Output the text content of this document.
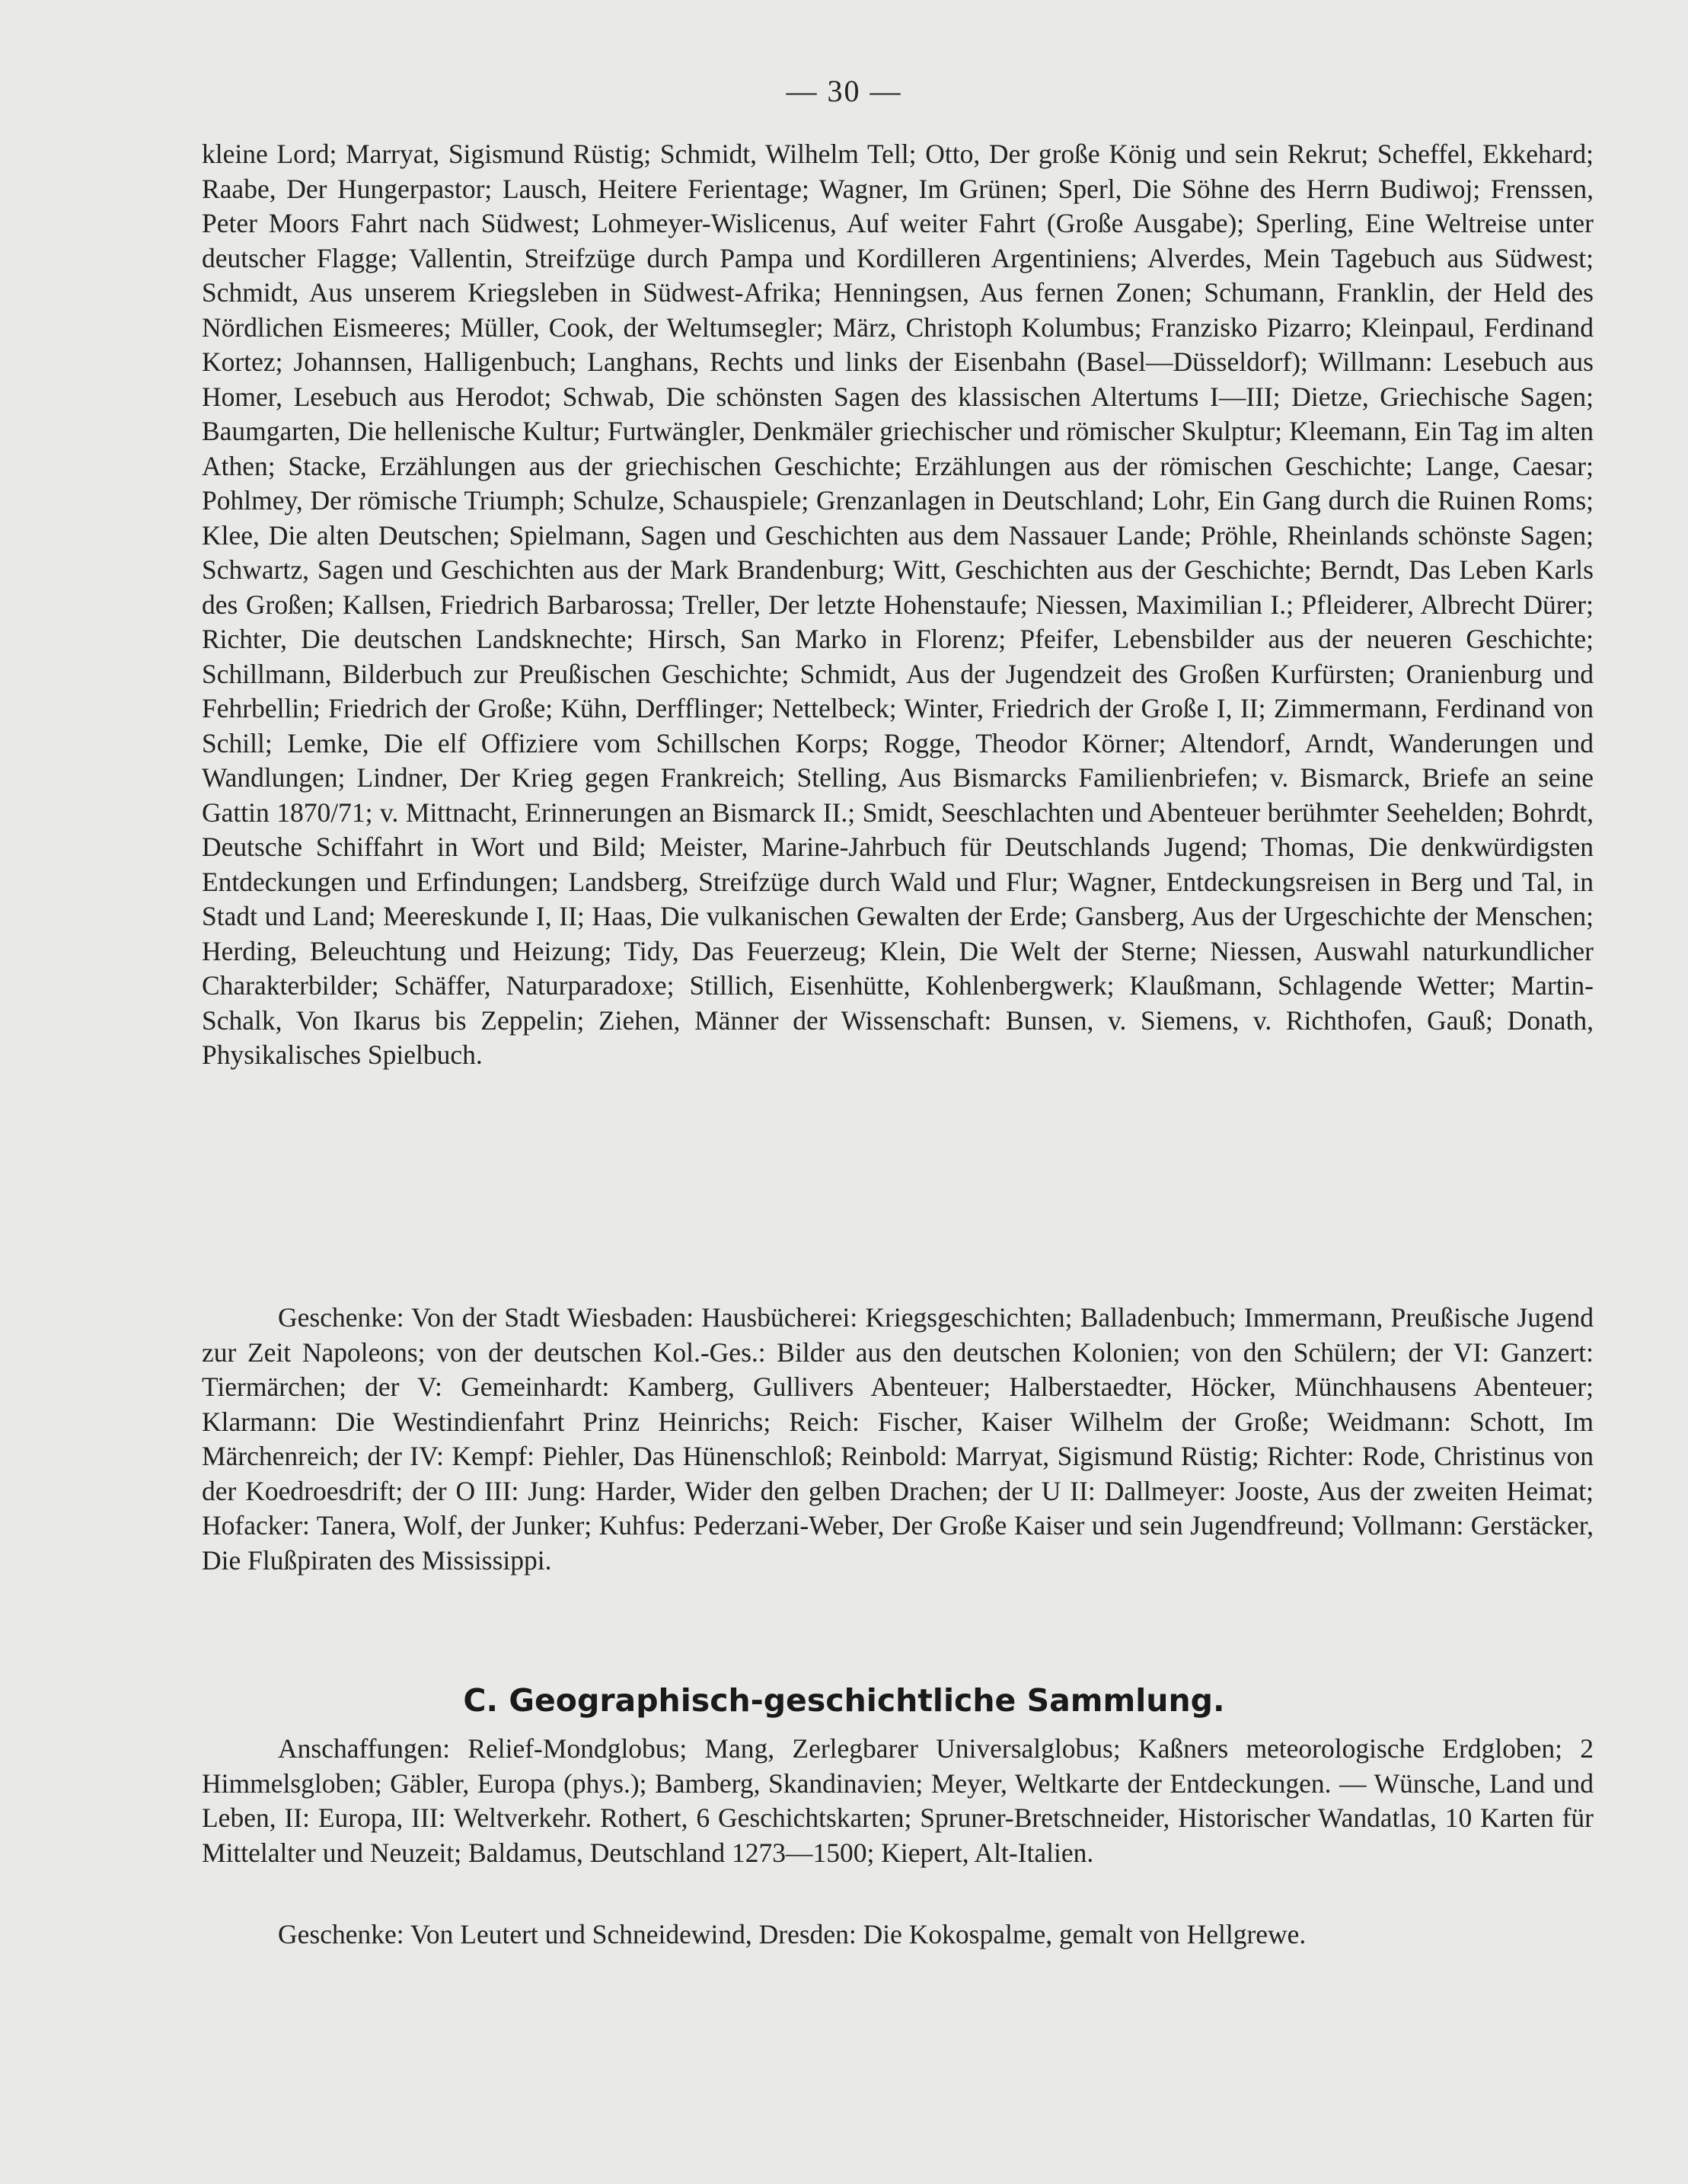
— 30 —

kleine Lord; Marryat, Sigismund Rüstig; Schmidt, Wilhelm Tell; Otto, Der große König und sein Rekrut; Scheffel, Ekkehard; Raabe, Der Hungerpastor; Lausch, Heitere Ferientage; Wagner, Im Grünen; Sperl, Die Söhne des Herrn Budiwoj; Frenssen, Peter Moors Fahrt nach Südwest; Lohmeyer-Wislicenus, Auf weiter Fahrt (Große Ausgabe); Sperling, Eine Weltreise unter deutscher Flagge; Vallentin, Streifzüge durch Pampa und Kordilleren Argentiniens; Alverdes, Mein Tagebuch aus Südwest; Schmidt, Aus unserem Kriegsleben in Südwest-Afrika; Henningsen, Aus fernen Zonen; Schumann, Franklin, der Held des Nördlichen Eismeeres; Müller, Cook, der Weltumsegler; März, Christoph Kolumbus; Franzisko Pizarro; Kleinpaul, Ferdinand Kortez; Johannsen, Halligenbuch; Langhans, Rechts und links der Eisenbahn (Basel—Düsseldorf); Willmann: Lesebuch aus Homer, Lesebuch aus Herodot; Schwab, Die schönsten Sagen des klassischen Altertums I—III; Dietze, Griechische Sagen; Baumgarten, Die hellenische Kultur; Furtwängler, Denkmäler griechischer und römischer Skulptur; Kleemann, Ein Tag im alten Athen; Stacke, Erzählungen aus der griechischen Geschichte; Erzählungen aus der römischen Geschichte; Lange, Caesar; Pohlmey, Der römische Triumph; Schulze, Schauspiele; Grenzanlagen in Deutschland; Lohr, Ein Gang durch die Ruinen Roms; Klee, Die alten Deutschen; Spielmann, Sagen und Geschichten aus dem Nassauer Lande; Pröhle, Rheinlands schönste Sagen; Schwartz, Sagen und Geschichten aus der Mark Brandenburg; Witt, Geschichten aus der Geschichte; Berndt, Das Leben Karls des Großen; Kallsen, Friedrich Barbarossa; Treller, Der letzte Hohenstaufe; Niessen, Maximilian I.; Pfleiderer, Albrecht Dürer; Richter, Die deutschen Landsknechte; Hirsch, San Marko in Florenz; Pfeifer, Lebensbilder aus der neueren Geschichte; Schillmann, Bilderbuch zur Preußischen Geschichte; Schmidt, Aus der Jugendzeit des Großen Kurfürsten; Oranienburg und Fehrbellin; Friedrich der Große; Kühn, Derfflinger; Nettelbeck; Winter, Friedrich der Große I, II; Zimmermann, Ferdinand von Schill; Lemke, Die elf Offiziere vom Schillschen Korps; Rogge, Theodor Körner; Altendorf, Arndt, Wanderungen und Wandlungen; Lindner, Der Krieg gegen Frankreich; Stelling, Aus Bismarcks Familienbriefen; v. Bismarck, Briefe an seine Gattin 1870/71; v. Mittnacht, Erinnerungen an Bismarck II.; Smidt, Seeschlachten und Abenteuer berühmter Seehelden; Bohrdt, Deutsche Schiffahrt in Wort und Bild; Meister, Marine-Jahrbuch für Deutschlands Jugend; Thomas, Die denkwürdigsten Entdeckungen und Erfindungen; Landsberg, Streifzüge durch Wald und Flur; Wagner, Entdeckungsreisen in Berg und Tal, in Stadt und Land; Meereskunde I, II; Haas, Die vulkanischen Gewalten der Erde; Gansberg, Aus der Urgeschichte der Menschen; Herding, Beleuchtung und Heizung; Tidy, Das Feuerzeug; Klein, Die Welt der Sterne; Niessen, Auswahl naturkundlicher Charakterbilder; Schäffer, Naturparadoxe; Stillich, Eisenhütte, Kohlenbergwerk; Klaußmann, Schlagende Wetter; Martin-Schalk, Von Ikarus bis Zeppelin; Ziehen, Männer der Wissenschaft: Bunsen, v. Siemens, v. Richthofen, Gauß; Donath, Physikalisches Spielbuch.

Geschenke: Von der Stadt Wiesbaden: Hausbücherei: Kriegsgeschichten; Balladenbuch; Immermann, Preußische Jugend zur Zeit Napoleons; von der deutschen Kol.-Ges.: Bilder aus den deutschen Kolonien; von den Schülern; der VI: Ganzert: Tiermärchen; der V: Gemeinhardt: Kamberg, Gullivers Abenteuer; Halberstaedter, Höcker, Münchhausens Abenteuer; Klarmann: Die Westindienfahrt Prinz Heinrichs; Reich: Fischer, Kaiser Wilhelm der Große; Weidmann: Schott, Im Märchenreich; der IV: Kempf: Piehler, Das Hünenschloß; Reinbold: Marryat, Sigismund Rüstig; Richter: Rode, Christinus von der Koedroesdrift; der O III: Jung: Harder, Wider den gelben Drachen; der U II: Dallmeyer: Jooste, Aus der zweiten Heimat; Hofacker: Tanera, Wolf, der Junker; Kuhfus: Pederzani-Weber, Der Große Kaiser und sein Jugendfreund; Vollmann: Gerstäcker, Die Flußpiraten des Mississippi.

C. Geographisch-geschichtliche Sammlung.

Anschaffungen: Relief-Mondglobus; Mang, Zerlegbarer Universalglobus; Kaßners meteorologische Erdgloben; 2 Himmelsgloben; Gäbler, Europa (phys.); Bamberg, Skandinavien; Meyer, Weltkarte der Entdeckungen. — Wünsche, Land und Leben, II: Europa, III: Weltverkehr. Rothert, 6 Geschichtskarten; Spruner-Bretschneider, Historischer Wandatlas, 10 Karten für Mittelalter und Neuzeit; Baldamus, Deutschland 1273—1500; Kiepert, Alt-Italien.

Geschenke: Von Leutert und Schneidewind, Dresden: Die Kokospalme, gemalt von Hellgrewe.
